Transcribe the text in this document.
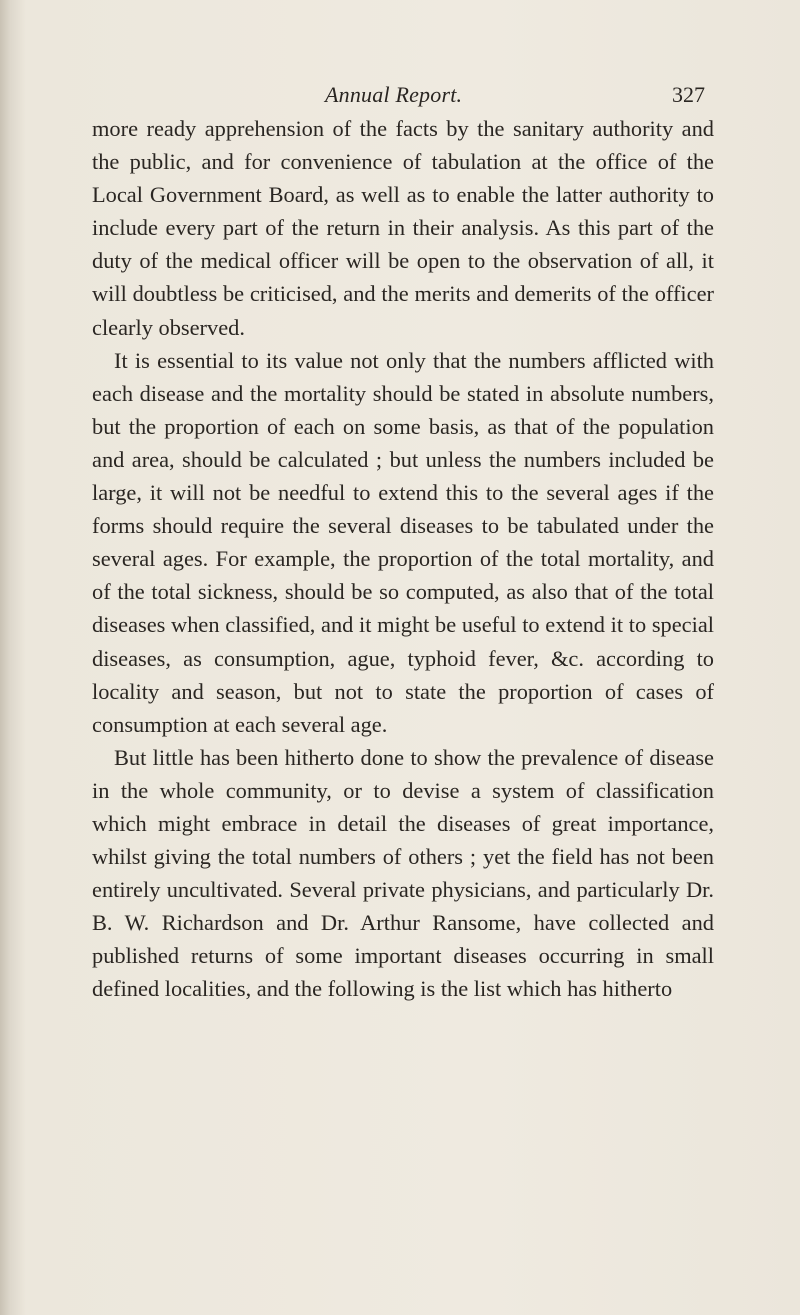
Annual Report.	327

more ready apprehension of the facts by the sanitary authority and the public, and for convenience of tabulation at the office of the Local Government Board, as well as to enable the latter authority to include every part of the return in their analysis. As this part of the duty of the medical officer will be open to the observation of all, it will doubtless be criticised, and the merits and demerits of the officer clearly observed.

It is essential to its value not only that the numbers afflicted with each disease and the mortality should be stated in absolute numbers, but the proportion of each on some basis, as that of the population and area, should be calculated ; but unless the numbers included be large, it will not be needful to extend this to the several ages if the forms should require the several diseases to be tabulated under the several ages. For example, the proportion of the total mortality, and of the total sickness, should be so computed, as also that of the total diseases when classified, and it might be useful to extend it to special diseases, as consumption, ague, typhoid fever, &c. according to locality and season, but not to state the proportion of cases of consumption at each several age.

But little has been hitherto done to show the prevalence of disease in the whole community, or to devise a system of classification which might embrace in detail the diseases of great importance, whilst giving the total numbers of others ; yet the field has not been entirely uncultivated. Several private physicians, and particularly Dr. B. W. Richardson and Dr. Arthur Ransome, have collected and published returns of some important diseases occurring in small defined localities, and the following is the list which has hitherto
